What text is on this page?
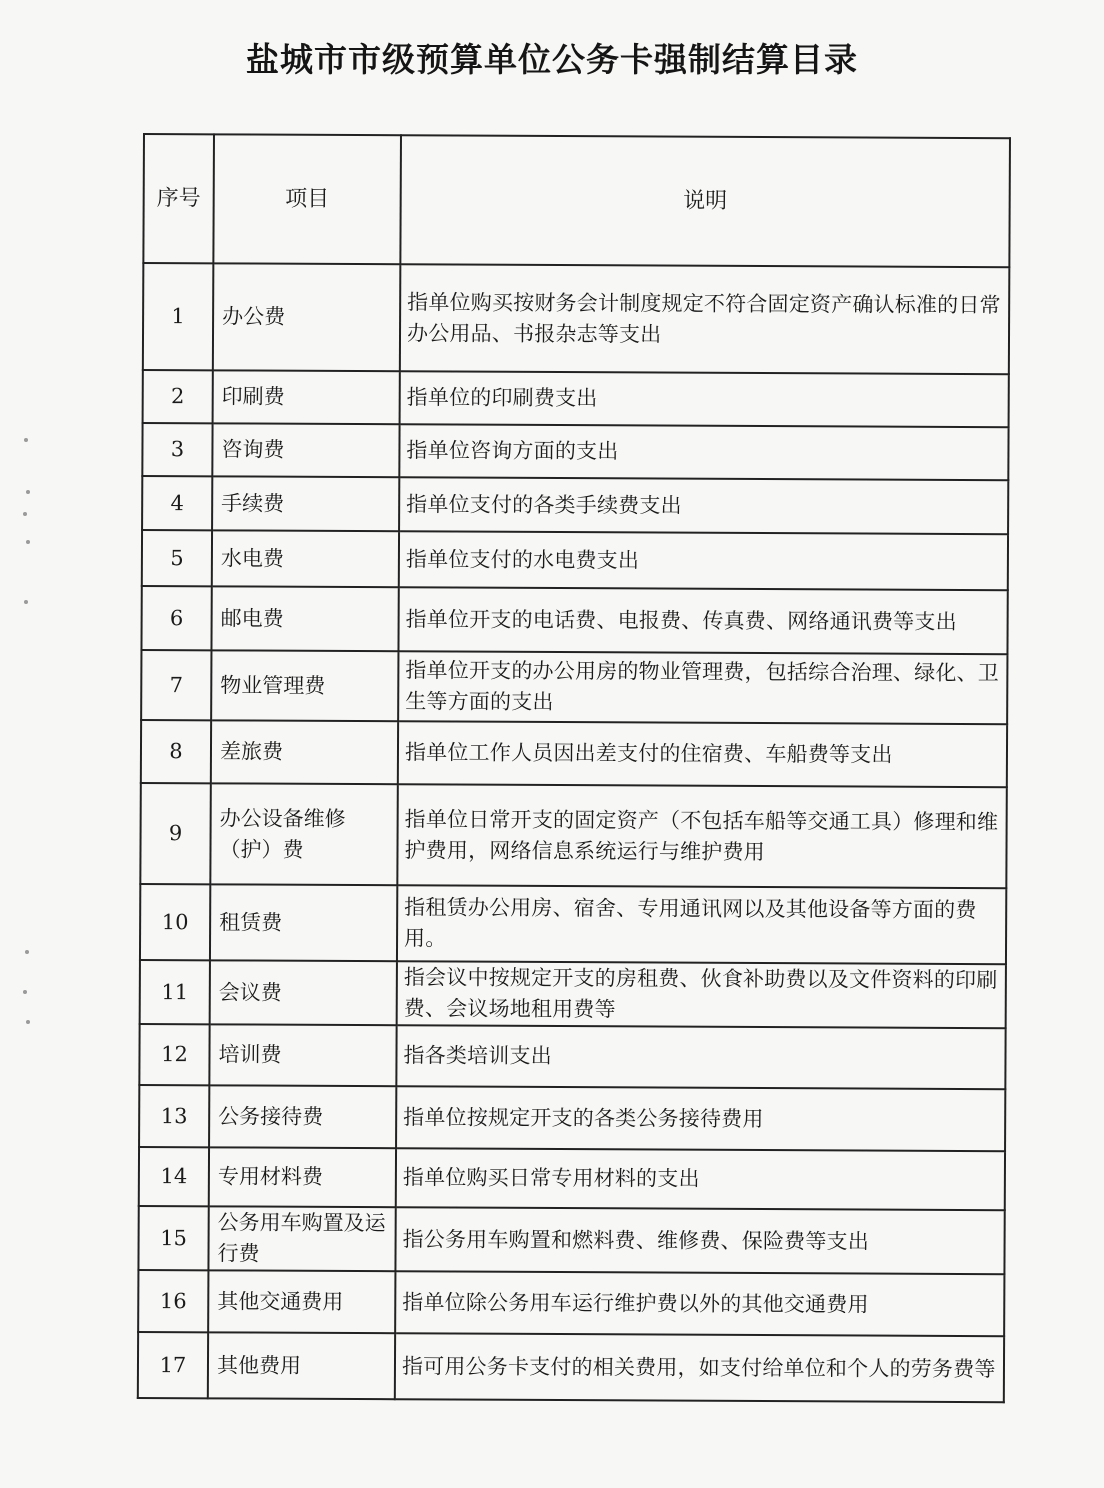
盐城市市级预算单位公务卡强制结算目录
序号	项目	说明
1	办公费	指单位购买按财务会计制度规定不符合固定资产确认标准的日常办公用品、书报杂志等支出
2	印刷费	指单位的印刷费支出
3	咨询费	指单位咨询方面的支出
4	手续费	指单位支付的各类手续费支出
5	水电费	指单位支付的水电费支出
6	邮电费	指单位开支的电话费、电报费、传真费、网络通讯费等支出
7	物业管理费	指单位开支的办公用房的物业管理费，包括综合治理、绿化、卫生等方面的支出
8	差旅费	指单位工作人员因出差支付的住宿费、车船费等支出
9	办公设备维修（护）费	指单位日常开支的固定资产（不包括车船等交通工具）修理和维护费用，网络信息系统运行与维护费用
10	租赁费	指租赁办公用房、宿舍、专用通讯网以及其他设备等方面的费用。
11	会议费	指会议中按规定开支的房租费、伙食补助费以及文件资料的印刷费、会议场地租用费等
12	培训费	指各类培训支出
13	公务接待费	指单位按规定开支的各类公务接待费用
14	专用材料费	指单位购买日常专用材料的支出
15	公务用车购置及运行费	指公务用车购置和燃料费、维修费、保险费等支出
16	其他交通费用	指单位除公务用车运行维护费以外的其他交通费用
17	其他费用	指可用公务卡支付的相关费用，如支付给单位和个人的劳务费等
